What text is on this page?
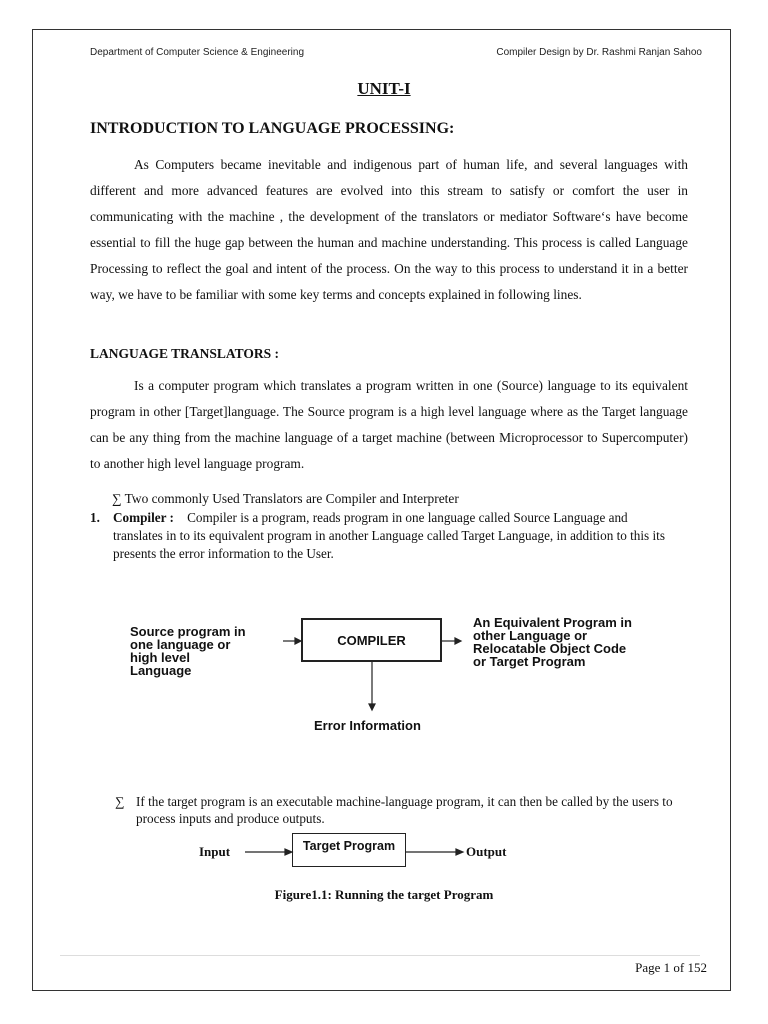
Department of Computer Science & Engineering	Compiler Design by Dr. Rashmi Ranjan Sahoo
UNIT-I
INTRODUCTION TO LANGUAGE PROCESSING:
As Computers became inevitable and indigenous part of human life, and several languages with different and more advanced features are evolved into this stream to satisfy or comfort the user in communicating with the machine , the development of the translators or mediator Software‘s have become essential to fill the huge gap between the human and machine understanding. This process is called Language Processing to reflect the goal and intent of the process. On the way to this process to understand it in a better way, we have to be familiar with some key terms and concepts explained in following lines.
LANGUAGE TRANSLATORS :
Is a computer program which translates a program written in one (Source) language to its equivalent program in other [Target]language. The Source program is a high level language where as the Target language can be any thing from the machine language of a target machine (between Microprocessor to Supercomputer) to another high level language program.
∑ Two commonly Used Translators are Compiler and Interpreter
1. Compiler : Compiler is a program, reads program in one language called Source Language and translates in to its equivalent program in another Language called Target Language, in addition to this its presents the error information to the User.
Source program in
one language or
high level
Language
COMPILER
An Equivalent Program in
other Language or
Relocatable Object Code
or Target Program
Error Information
∑ If the target program is an executable machine-language program, it can then be called by the users to process inputs and produce outputs.
Input	Target Program	Output
Figure1.1: Running the target Program
Page 1 of 152
